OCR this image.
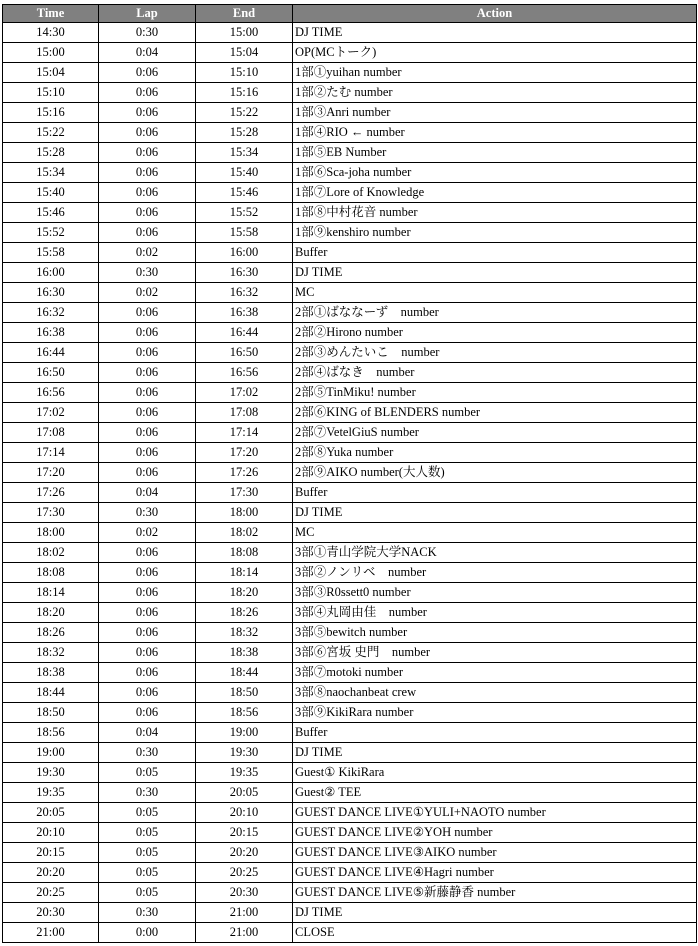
Time	Lap	End	Action
14:30	0:30	15:00	DJ TIME
15:00	0:04	15:04	OP(MCトーク)
15:04	0:06	15:10	1部①yuihan number
15:10	0:06	15:16	1部②たむ number
15:16	0:06	15:22	1部③Anri number
15:22	0:06	15:28	1部④RIO ← number
15:28	0:06	15:34	1部⑤EB Number
15:34	0:06	15:40	1部⑥Sca-joha number
15:40	0:06	15:46	1部⑦Lore of Knowledge
15:46	0:06	15:52	1部⑧中村花音 number
15:52	0:06	15:58	1部⑨kenshiro number
15:58	0:02	16:00	Buffer
16:00	0:30	16:30	DJ TIME
16:30	0:02	16:32	MC
16:32	0:06	16:38	2部①ばななーず　number
16:38	0:06	16:44	2部②Hirono number
16:44	0:06	16:50	2部③めんたいこ　number
16:50	0:06	16:56	2部④ばなき　number
16:56	0:06	17:02	2部⑤TinMiku! number
17:02	0:06	17:08	2部⑥KING of BLENDERS number
17:08	0:06	17:14	2部⑦VetelGiuS number
17:14	0:06	17:20	2部⑧Yuka number
17:20	0:06	17:26	2部⑨AIKO number(大人数)
17:26	0:04	17:30	Buffer
17:30	0:30	18:00	DJ TIME
18:00	0:02	18:02	MC
18:02	0:06	18:08	3部①青山学院大学NACK
18:08	0:06	18:14	3部②ノンリベ　number
18:14	0:06	18:20	3部③R0ssett0 number
18:20	0:06	18:26	3部④丸岡由佳　number
18:26	0:06	18:32	3部⑤bewitch number
18:32	0:06	18:38	3部⑥宮坂 史門　number
18:38	0:06	18:44	3部⑦motoki number
18:44	0:06	18:50	3部⑧naochanbeat crew
18:50	0:06	18:56	3部⑨KikiRara number
18:56	0:04	19:00	Buffer
19:00	0:30	19:30	DJ TIME
19:30	0:05	19:35	Guest① KikiRara
19:35	0:30	20:05	Guest② TEE
20:05	0:05	20:10	GUEST DANCE LIVE①YULI+NAOTO number
20:10	0:05	20:15	GUEST DANCE LIVE②YOH number
20:15	0:05	20:20	GUEST DANCE LIVE③AIKO number
20:20	0:05	20:25	GUEST DANCE LIVE④Hagri number
20:25	0:05	20:30	GUEST DANCE LIVE⑤新藤静香 number
20:30	0:30	21:00	DJ TIME
21:00	0:00	21:00	CLOSE
